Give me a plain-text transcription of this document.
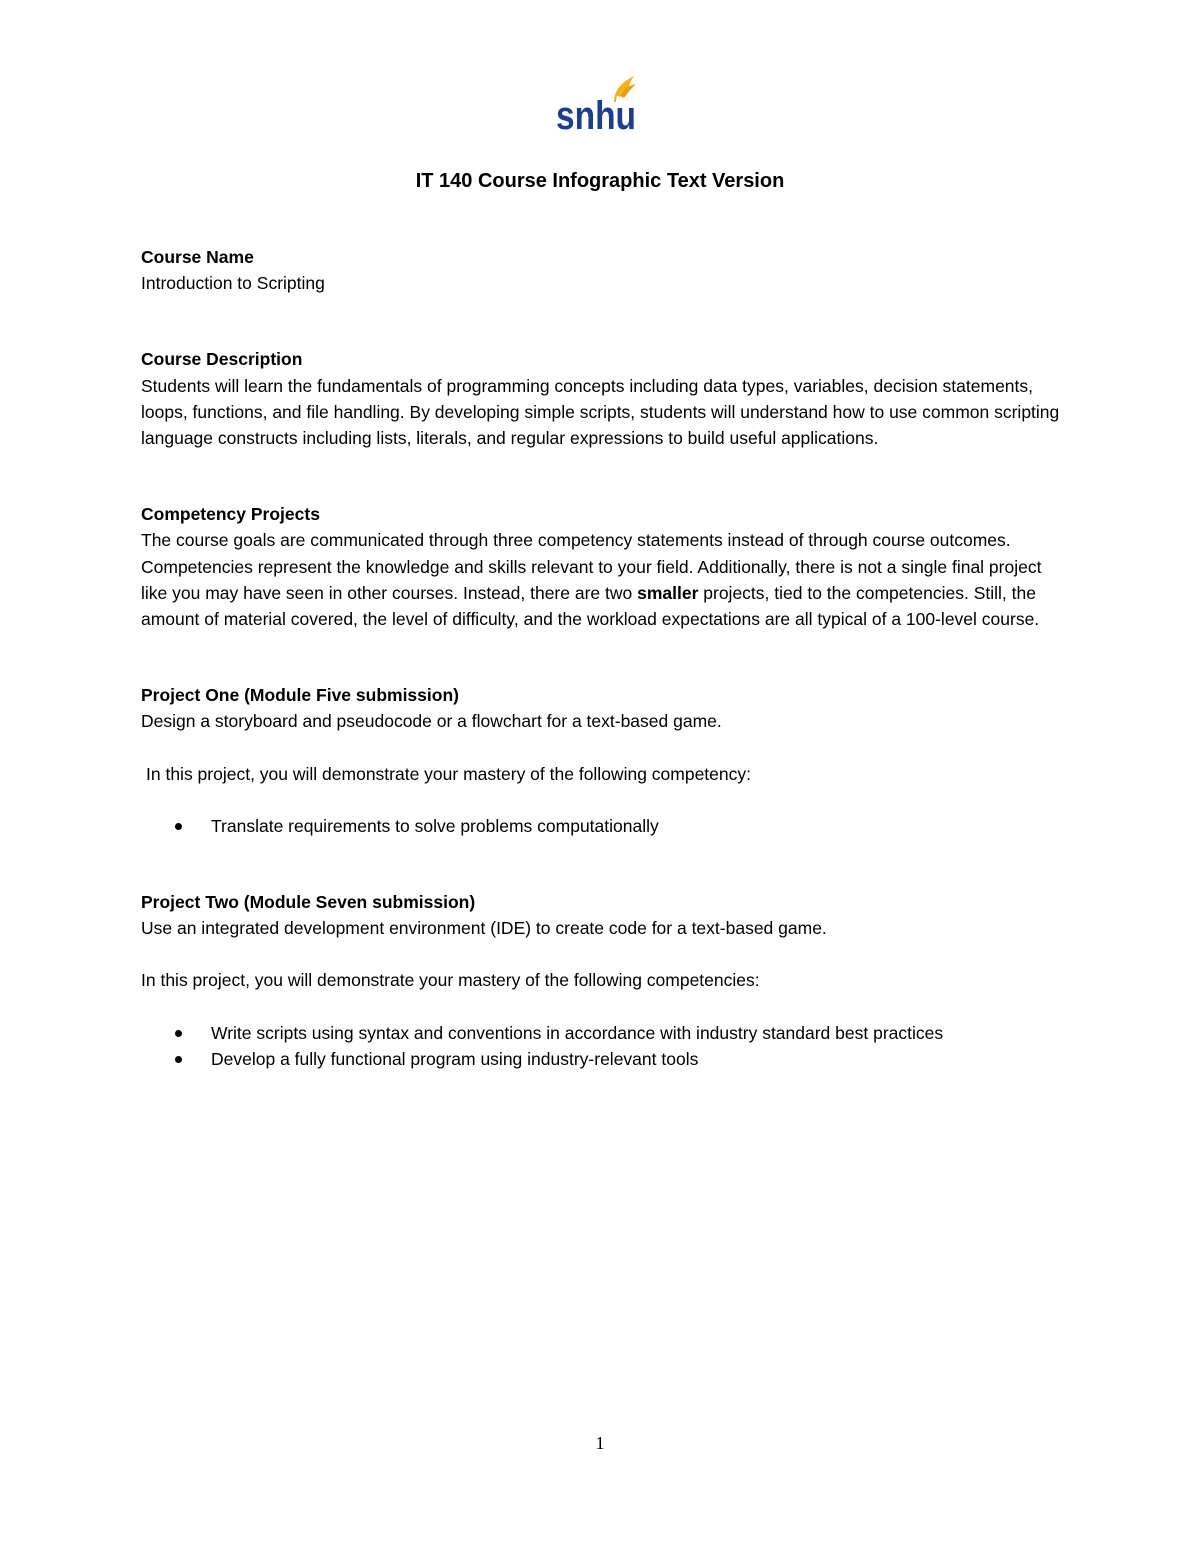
snhu
IT 140 Course Infographic Text Version

Course Name

Introduction to Scripting

Course Description

Students will learn the fundamentals of programming concepts including data types, variables, decision statements, loops, functions, and file handling. By developing simple scripts, students will understand how to use common scripting language constructs including lists, literals, and regular expressions to build useful applications.

Competency Projects

The course goals are communicated through three competency statements instead of through course outcomes. Competencies represent the knowledge and skills relevant to your field. Additionally, there is not a single final project like you may have seen in other courses. Instead, there are two smaller projects, tied to the competencies. Still, the amount of material covered, the level of difficulty, and the workload expectations are all typical of a 100-level course.

Project One (Module Five submission)

Design a storyboard and pseudocode or a flowchart for a text-based game.

In this project, you will demonstrate your mastery of the following competency:

Translate requirements to solve problems computationally

Project Two (Module Seven submission)

Use an integrated development environment (IDE) to create code for a text-based game.

In this project, you will demonstrate your mastery of the following competencies:

Write scripts using syntax and conventions in accordance with industry standard best practices
Develop a fully functional program using industry-relevant tools
1
